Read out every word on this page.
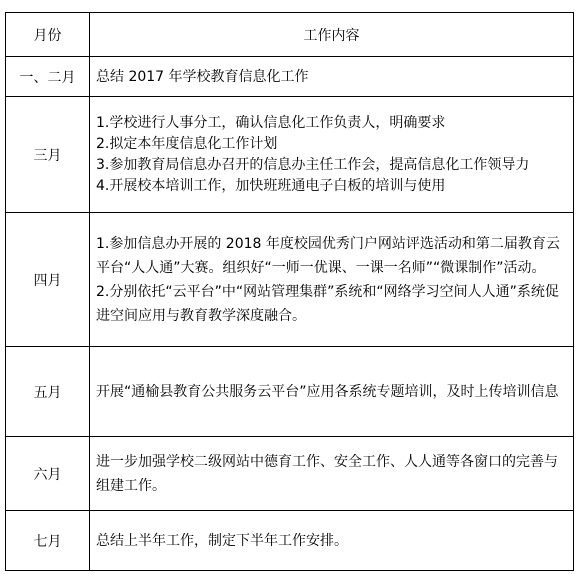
月份	工作内容
一、二月	总结 2017 年学校教育信息化工作

三月	1.学校进行人事分工，确认信息化工作负责人，明确要求
2.拟定本年度信息化工作计划
3.参加教育局信息办召开的信息办主任工作会，提高信息化工作领导力
4.开展校本培训工作，加快班班通电子白板的培训与使用

四月	1.参加信息办开展的 2018 年度校园优秀门户网站评选活动和第二届教育云平台“人人通”大赛。组织好“一师一优课、一课一名师”“微课制作”活动。
2.分别依托“云平台”中“网站管理集群”系统和“网络学习空间人人通”系统促进空间应用与教育教学深度融合。

五月	开展“通榆县教育公共服务云平台”应用各系统专题培训，及时上传培训信息

六月	进一步加强学校二级网站中德育工作、安全工作、人人通等各窗口的完善与组建工作。

七月	总结上半年工作，制定下半年工作安排。
